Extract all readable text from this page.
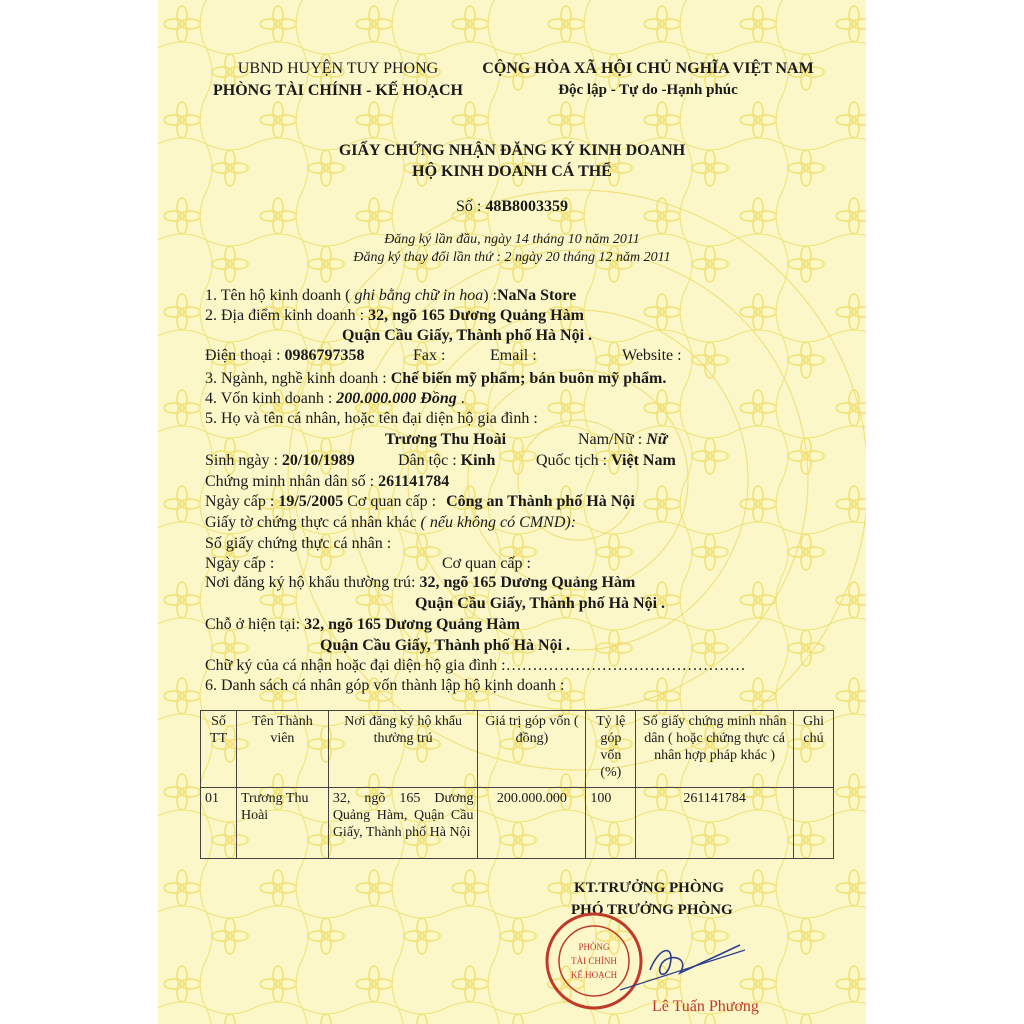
UBND HUYỆN TUY PHONG
PHÒNG TÀI CHÍNH - KẾ HOẠCH
CỘNG HÒA XÃ HỘI CHỦ NGHĨA VIỆT NAM
Độc lập - Tự do -Hạnh phúc
GIẤY CHỨNG NHẬN ĐĂNG KÝ KINH DOANH
HỘ KINH DOANH CÁ THỂ
Số : 48B8003359
Đăng ký lần đầu, ngày 14 tháng 10 năm 2011
Đăng ký thay đổi lần thứ : 2 ngày 20 tháng 12 năm 2011
1. Tên hộ kinh doanh ( ghi bằng chữ in hoa) :NaNa Store
2. Địa điểm kinh doanh : 32, ngõ 165 Dương Quảng Hàm
Quận Cầu Giấy, Thành phố Hà Nội .
Điện thoại : 0986797358	Fax :	Email :	Website :
3. Ngành, nghề kinh doanh : Chế biến mỹ phẩm; bán buôn mỹ phẩm.
4. Vốn kinh doanh : 200.000.000 Đồng .
5. Họ và tên cá nhân, hoặc tên đại diện hộ gia đình :
Trương Thu Hoài	Nam/Nữ : Nữ
Sinh ngày : 20/10/1989	Dân tộc : Kinh	Quốc tịch : Việt Nam
Chứng minh nhân dân số : 261141784
Ngày cấp : 19/5/2005 Cơ quan cấp : Công an Thành phố Hà Nội
Giấy tờ chứng thực cá nhân khác ( nếu không có CMND):
Số giấy chứng thực cá nhân :
Ngày cấp :	Cơ quan cấp :
Nơi đăng ký hộ khẩu thường trú: 32, ngõ 165 Dương Quảng Hàm
Quận Cầu Giấy, Thành phố Hà Nội .
Chỗ ở hiện tại: 32, ngõ 165 Dương Quảng Hàm
Quận Cầu Giấy, Thành phố Hà Nội .
Chữ ký của cá nhận hoặc đại diện hộ gia đình :………………………………………
6. Danh sách cá nhân góp vốn thành lập hộ kịnh doanh :
Số TT	Tên Thành viên	Nơi đăng ký hộ khẩu thường trú	Giá trị góp vốn ( đồng)	Tỷ lệ góp vốn (%)	Số giấy chứng minh nhân dân ( hoặc chứng thực cá nhân hợp pháp khác )	Ghi chú
01	Trương Thu Hoài	32, ngõ 165 Dương Quảng Hàm, Quận Cầu Giấy, Thành phố Hà Nội	200.000.000	100	261141784	
KT.TRƯỞNG PHÒNG
PHÓ TRƯỞNG PHÒNG
PHÒNG
TÀI CHÍNH
KẾ HOẠCH
Lê Tuấn Phương
